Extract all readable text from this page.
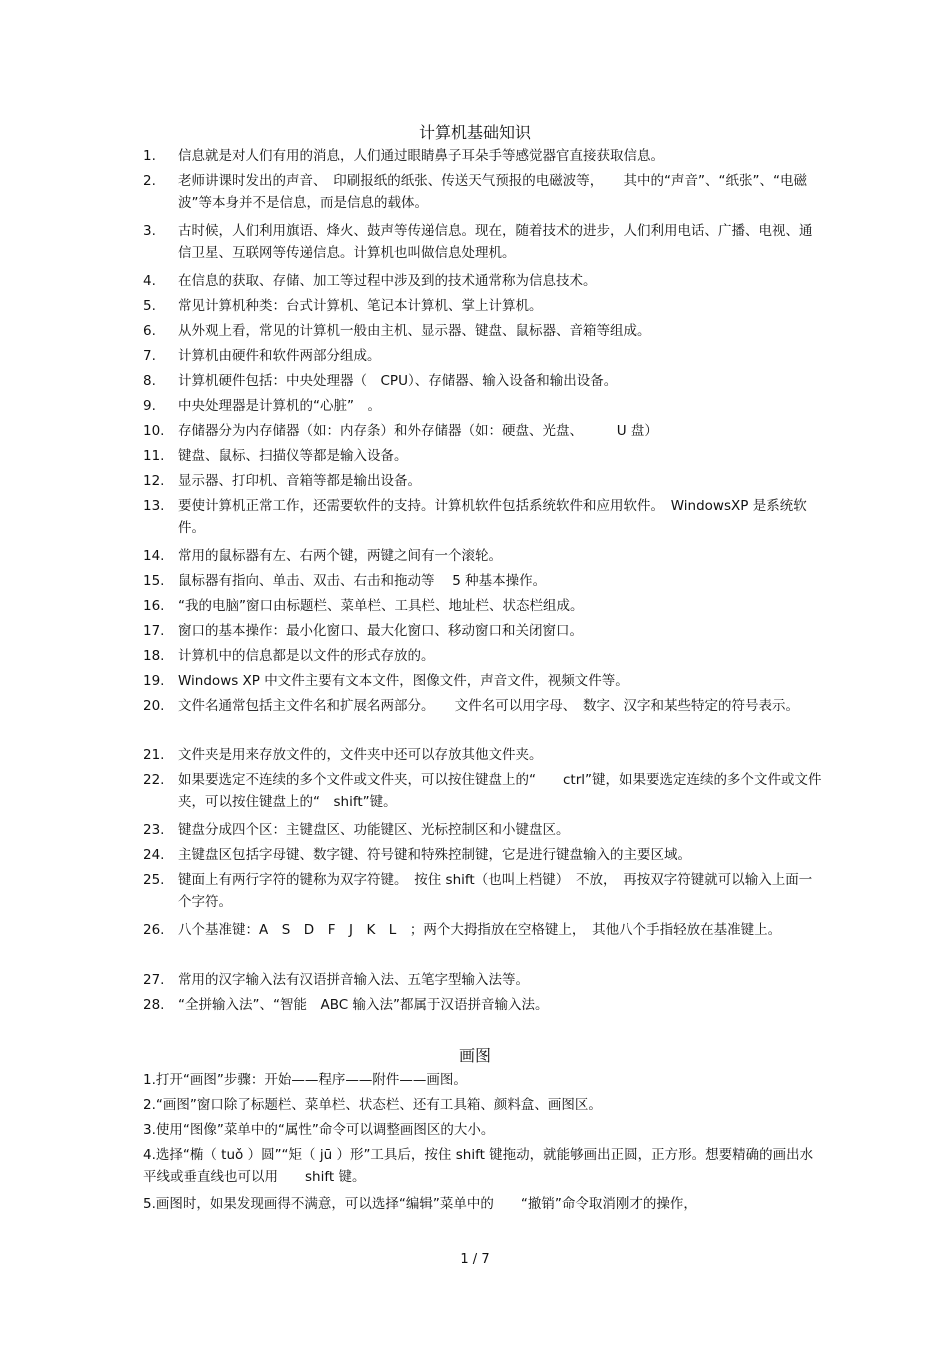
计算机基础知识
1.	信息就是对人们有用的消息，人们通过眼睛鼻子耳朵手等感觉器官直接获取信息。
2.	老师讲课时发出的声音、　印刷报纸的纸张、传送天气预报的电磁波等，　　其中的“声音”、“纸张”、“电磁波”等本身并不是信息，而是信息的载体。
3.	古时候，人们利用旗语、烽火、鼓声等传递信息。现在，随着技术的进步，人们利用电话、广播、电视、通信卫星、互联网等传递信息。计算机也叫做信息处理机。
4.	在信息的获取、存储、加工等过程中涉及到的技术通常称为信息技术。
5.	常见计算机种类：台式计算机、笔记本计算机、掌上计算机。
6.	从外观上看，常见的计算机一般由主机、显示器、键盘、鼠标器、音箱等组成。
7.	计算机由硬件和软件两部分组成。
8.	计算机硬件包括：中央处理器（　CPU）、存储器、输入设备和输出设备。
9.	中央处理器是计算机的“心脏”　。
10.	存储器分为内存储器（如：内存条）和外存储器（如：硬盘、光盘、　　　U 盘）
11.	键盘、鼠标、扫描仪等都是输入设备。
12.	显示器、打印机、音箱等都是输出设备。
13.	要使计算机正常工作，还需要软件的支持。计算机软件包括系统软件和应用软件。　WindowsXP 是系统软件。
14.	常用的鼠标器有左、右两个键，两键之间有一个滚轮。
15.	鼠标器有指向、单击、双击、右击和拖动等　 5 种基本操作。
16.	“我的电脑”窗口由标题栏、菜单栏、工具栏、地址栏、状态栏组成。
17.	窗口的基本操作：最小化窗口、最大化窗口、移动窗口和关闭窗口。
18.	计算机中的信息都是以文件的形式存放的。
19.	Windows XP 中文件主要有文本文件，图像文件，声音文件，视频文件等。
20.	文件名通常包括主文件名和扩展名两部分。　　文件名可以用字母、　数字、汉字和某些特定的符号表示。
21.	文件夹是用来存放文件的，文件夹中还可以存放其他文件夹。
22.	如果要选定不连续的多个文件或文件夹，可以按住键盘上的“　　ctrl”键，如果要选定连续的多个文件或文件夹，可以按住键盘上的“　shift”键。
23.	键盘分成四个区：主键盘区、功能键区、光标控制区和小键盘区。
24.	主键盘区包括字母键、数字键、符号键和特殊控制键，它是进行键盘输入的主要区域。
25.	键面上有两行字符的键称为双字符键。　按住 shift（也叫上档键）　不放，　再按双字符键就可以输入上面一个字符。
26.	八个基准键：A　S　D　F　J　K　L　；两个大拇指放在空格键上，　其他八个手指轻放在基准键上。
27.	常用的汉字输入法有汉语拼音输入法、五笔字型输入法等。
28.	“全拼输入法”、“智能　ABC 输入法”都属于汉语拼音输入法。
画图
1.打开“画图”步骤：开始——程序——附件——画图。
2.“画图”窗口除了标题栏、菜单栏、状态栏、还有工具箱、颜料盒、画图区。
3.使用“图像”菜单中的“属性”命令可以调整画图区的大小。
4.选择“椭（ tuǒ ）圆”“矩（ jū ）形”工具后，按住 shift 键拖动，就能够画出正圆，正方形。想要精确的画出水平线或垂直线也可以用　　shift 键。
5.画图时，如果发现画得不满意，可以选择“编辑”菜单中的　　“撤销”命令取消刚才的操作，
1 / 7
